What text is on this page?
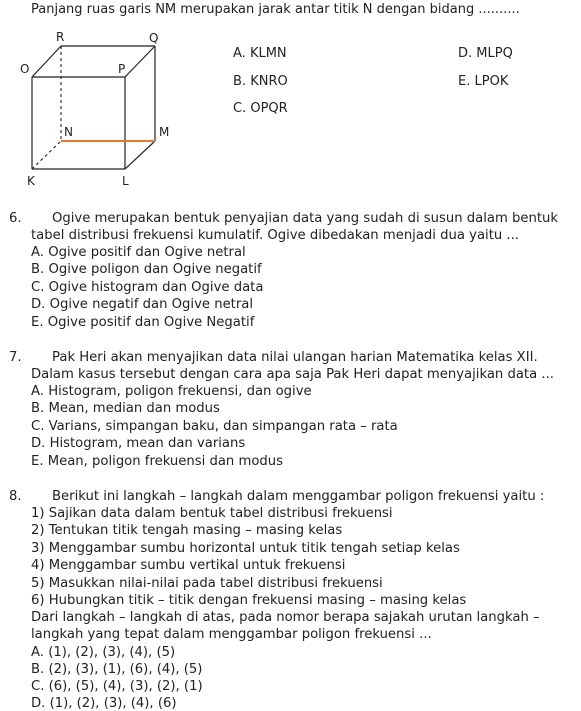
Panjang ruas garis NM merupakan jarak antar titik N dengan bidang ..........
R	Q
O	P
N	M
K	L
A. KLMN
B. KNRO
C. OPQR
D. MLPQ
E. LPOK
6. Ogive merupakan bentuk penyajian data yang sudah di susun dalam bentuk
tabel distribusi frekuensi kumulatif. Ogive dibedakan menjadi dua yaitu ...
A. Ogive positif dan Ogive netral
B. Ogive poligon dan Ogive negatif
C. Ogive histogram dan Ogive data
D. Ogive negatif dan Ogive netral
E. Ogive positif dan Ogive Negatif
7. Pak Heri akan menyajikan data nilai ulangan harian Matematika kelas XII.
Dalam kasus tersebut dengan cara apa saja Pak Heri dapat menyajikan data ...
A. Histogram, poligon frekuensi, dan ogive
B. Mean, median dan modus
C. Varians, simpangan baku, dan simpangan rata – rata
D. Histogram, mean dan varians
E. Mean, poligon frekuensi dan modus
8. Berikut ini langkah – langkah dalam menggambar poligon frekuensi yaitu :
1) Sajikan data dalam bentuk tabel distribusi frekuensi
2) Tentukan titik tengah masing – masing kelas
3) Menggambar sumbu horizontal untuk titik tengah setiap kelas
4) Menggambar sumbu vertikal untuk frekuensi
5) Masukkan nilai-nilai pada tabel distribusi frekuensi
6) Hubungkan titik – titik dengan frekuensi masing – masing kelas
Dari langkah – langkah di atas, pada nomor berapa sajakah urutan langkah –
langkah yang tepat dalam menggambar poligon frekuensi ...
A. (1), (2), (3), (4), (5)
B. (2), (3), (1), (6), (4), (5)
C. (6), (5), (4), (3), (2), (1)
D. (1), (2), (3), (4), (6)
